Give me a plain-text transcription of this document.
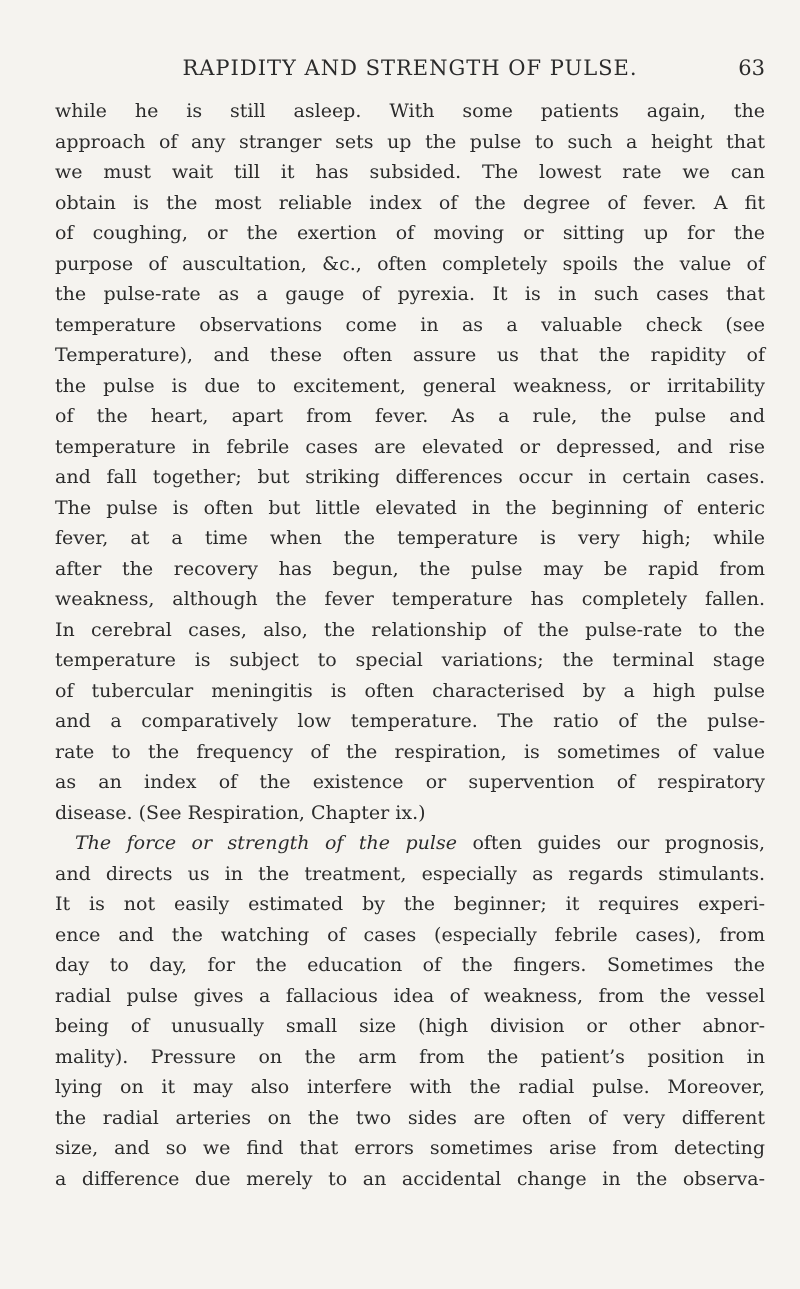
RAPIDITY AND STRENGTH OF PULSE.	63
while he is still asleep. With some patients again, the
approach of any stranger sets up the pulse to such a height that
we must wait till it has subsided. The lowest rate we can
obtain is the most reliable index of the degree of fever. A fit
of coughing, or the exertion of moving or sitting up for the
purpose of auscultation, &c., often completely spoils the value of
the pulse-rate as a gauge of pyrexia. It is in such cases that
temperature observations come in as a valuable check (see
Temperature), and these often assure us that the rapidity of
the pulse is due to excitement, general weakness, or irritability
of the heart, apart from fever. As a rule, the pulse and
temperature in febrile cases are elevated or depressed, and rise
and fall together; but striking differences occur in certain cases.
The pulse is often but little elevated in the beginning of enteric
fever, at a time when the temperature is very high; while
after the recovery has begun, the pulse may be rapid from
weakness, although the fever temperature has completely fallen.
In cerebral cases, also, the relationship of the pulse-rate to the
temperature is subject to special variations; the terminal stage
of tubercular meningitis is often characterised by a high pulse
and a comparatively low temperature. The ratio of the pulse-
rate to the frequency of the respiration, is sometimes of value
as an index of the existence or supervention of respiratory
disease. (See Respiration, Chapter ix.)
The force or strength of the pulse often guides our prognosis,
and directs us in the treatment, especially as regards stimulants.
It is not easily estimated by the beginner; it requires experi-
ence and the watching of cases (especially febrile cases), from
day to day, for the education of the fingers. Sometimes the
radial pulse gives a fallacious idea of weakness, from the vessel
being of unusually small size (high division or other abnor-
mality). Pressure on the arm from the patient’s position in
lying on it may also interfere with the radial pulse. Moreover,
the radial arteries on the two sides are often of very different
size, and so we find that errors sometimes arise from detecting
a difference due merely to an accidental change in the observa-
